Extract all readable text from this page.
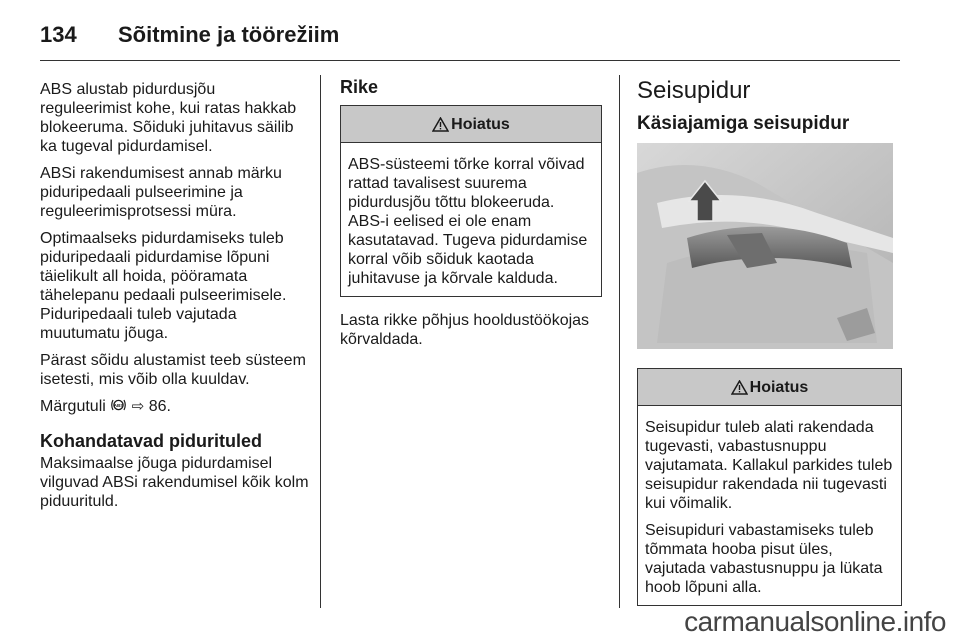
134 Sõitmine ja töörežiim

ABS alustab pidurdusjõu reguleerimist kohe, kui ratas hakkab blokeeruma. Sõiduki juhitavus säilib ka tugeval pidurdamisel.

ABSi rakendumisest annab märku piduripedaali pulseerimine ja reguleerimisprotsessi müra.

Optimaalseks pidurdamiseks tuleb piduripedaali pidurdamise lõpuni täielikult all hoida, pööramata tähelepanu pedaali pulseerimisele. Piduripedaali tuleb vajutada muutumatu jõuga.

Pärast sõidu alustamist teeb süsteem isetesti, mis võib olla kuuldav.

Märgutuli ABS ⇨ 86.

Kohandatavad pidurituled

Maksimaalse jõuga pidurdamisel vilguvad ABSi rakendumisel kõik kolm piduurituld.

Rike
Hoiatus

ABS-süsteemi tõrke korral võivad rattad tavalisest suurema pidurdusjõu tõttu blokeeruda. ABS-i eelised ei ole enam kasutatavad. Tugeva pidurdamise korral võib sõiduk kaotada juhitavuse ja kõrvale kalduda.

Lasta rikke põhjus hooldustöökojas kõrvaldada.

Seisupidur
Käsiajamiga seisupidur
Hoiatus

Seisupidur tuleb alati rakendada tugevasti, vabastusnuppu vajutamata. Kallakul parkides tuleb seisupidur rakendada nii tugevasti kui võimalik.

Seisupiduri vabastamiseks tuleb tõmmata hooba pisut üles, vajutada vabastusnuppu ja lükata hoob lõpuni alla.

carmanualsonline.info
